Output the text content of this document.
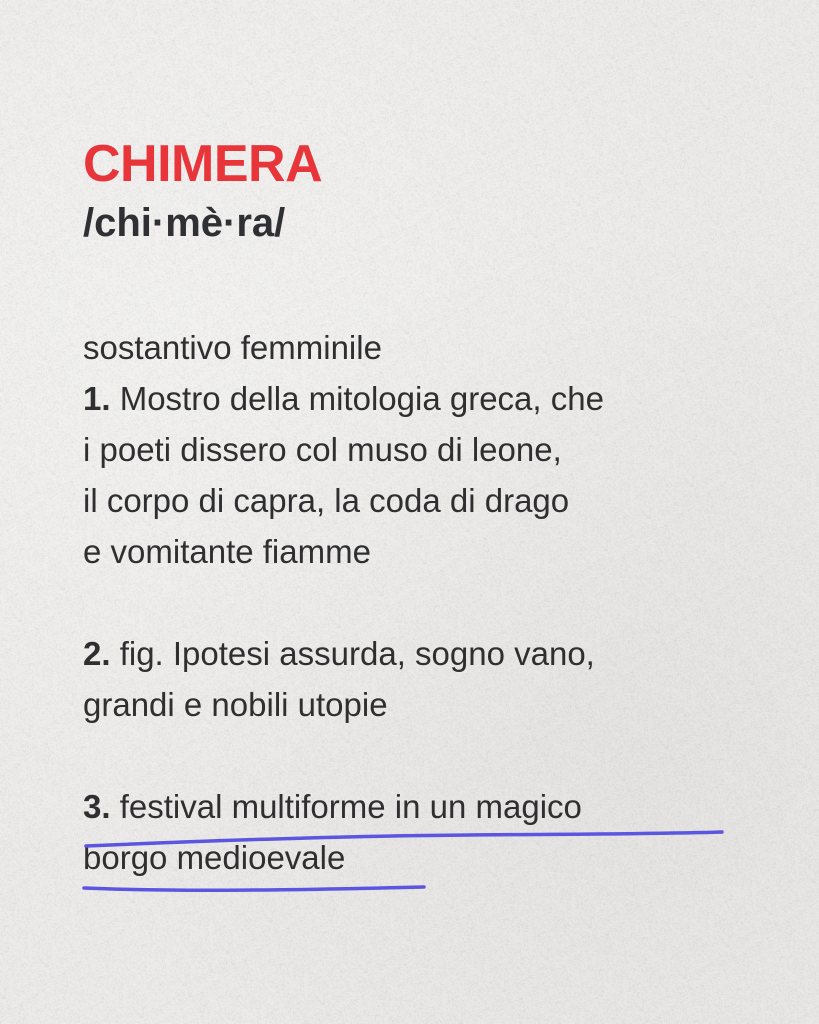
CHIMERA
/chi·mè·ra/
sostantivo femminile
1. Mostro della mitologia greca, che
i poeti dissero col muso di leone,
il corpo di capra, la coda di drago
e vomitante fiamme
2. fig. Ipotesi assurda, sogno vano,
grandi e nobili utopie
3. festival multiforme in un magico
borgo medioevale
